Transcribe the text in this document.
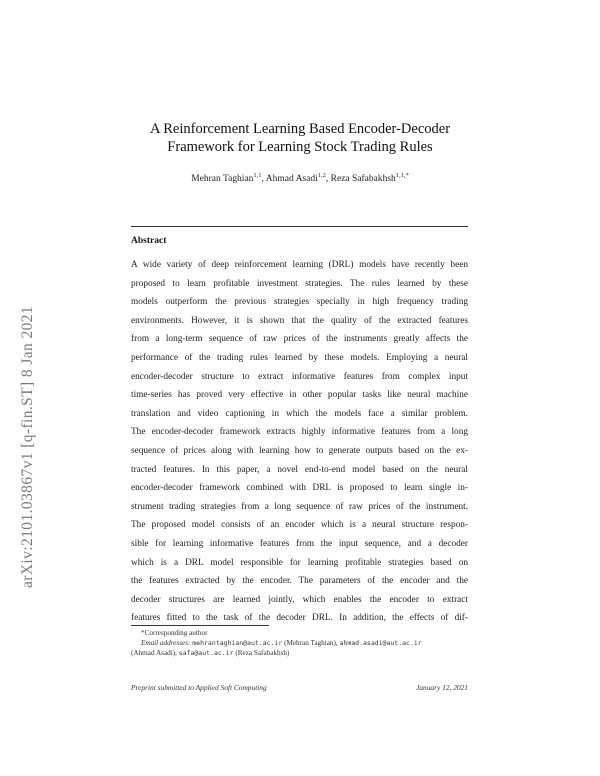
arXiv:2101.03867v1 [q-fin.ST] 8 Jan 2021
A Reinforcement Learning Based Encoder-Decoder
Framework for Learning Stock Trading Rules
Mehran Taghian$^{1,1}$, Ahmad Asadi$^{1,2}$, Reza Safabakhsh$^{1,1,*}$
Abstract
A wide variety of deep reinforcement learning (DRL) models have recently been
proposed to learn profitable investment strategies. The rules learned by these
models outperform the previous strategies specially in high frequency trading
environments. However, it is shown that the quality of the extracted features
from a long-term sequence of raw prices of the instruments greatly affects the
performance of the trading rules learned by these models. Employing a neural
encoder-decoder structure to extract informative features from complex input
time-series has proved very effective in other popular tasks like neural machine
translation and video captioning in which the models face a similar problem.
The encoder-decoder framework extracts highly informative features from a long
sequence of prices along with learning how to generate outputs based on the ex-
tracted features. In this paper, a novel end-to-end model based on the neural
encoder-decoder framework combined with DRL is proposed to learn single in-
strument trading strategies from a long sequence of raw prices of the instrument.
The proposed model consists of an encoder which is a neural structure respon-
sible for learning informative features from the input sequence, and a decoder
which is a DRL model responsible for learning profitable strategies based on
the features extracted by the encoder. The parameters of the encoder and the
decoder structures are learned jointly, which enables the encoder to extract
features fitted to the task of the decoder DRL. In addition, the effects of dif-
*Corresponding author
Email addresses: mehrantaghian@aut.ac.ir (Mehran Taghian), ahmad.asadi@aut.ac.ir
(Ahmad Asadi), safa@aut.ac.ir (Reza Safabakhsh)
Preprint submitted to Applied Soft Computing	January 12, 2021
